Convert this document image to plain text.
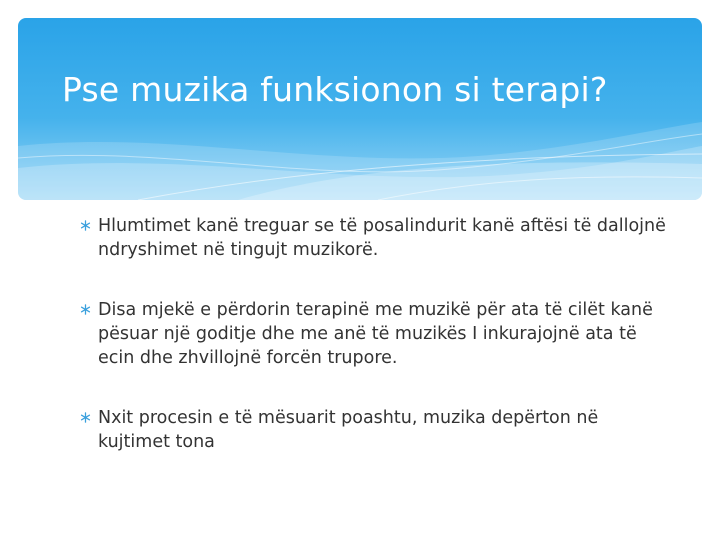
Pse muzika funksionon si terapi?
Hlumtimet kanë treguar se të posalindurit kanë aftësi të dallojnë ndryshimet në tingujt muzikorë.
Disa mjekë e përdorin terapinë me muzikë për ata të cilët kanë pësuar një goditje dhe me anë të muzikës I inkurajojnë ata të ecin dhe zhvillojnë forcën trupore.
Nxit procesin e të mësuarit poashtu, muzika depërton në kujtimet tona
